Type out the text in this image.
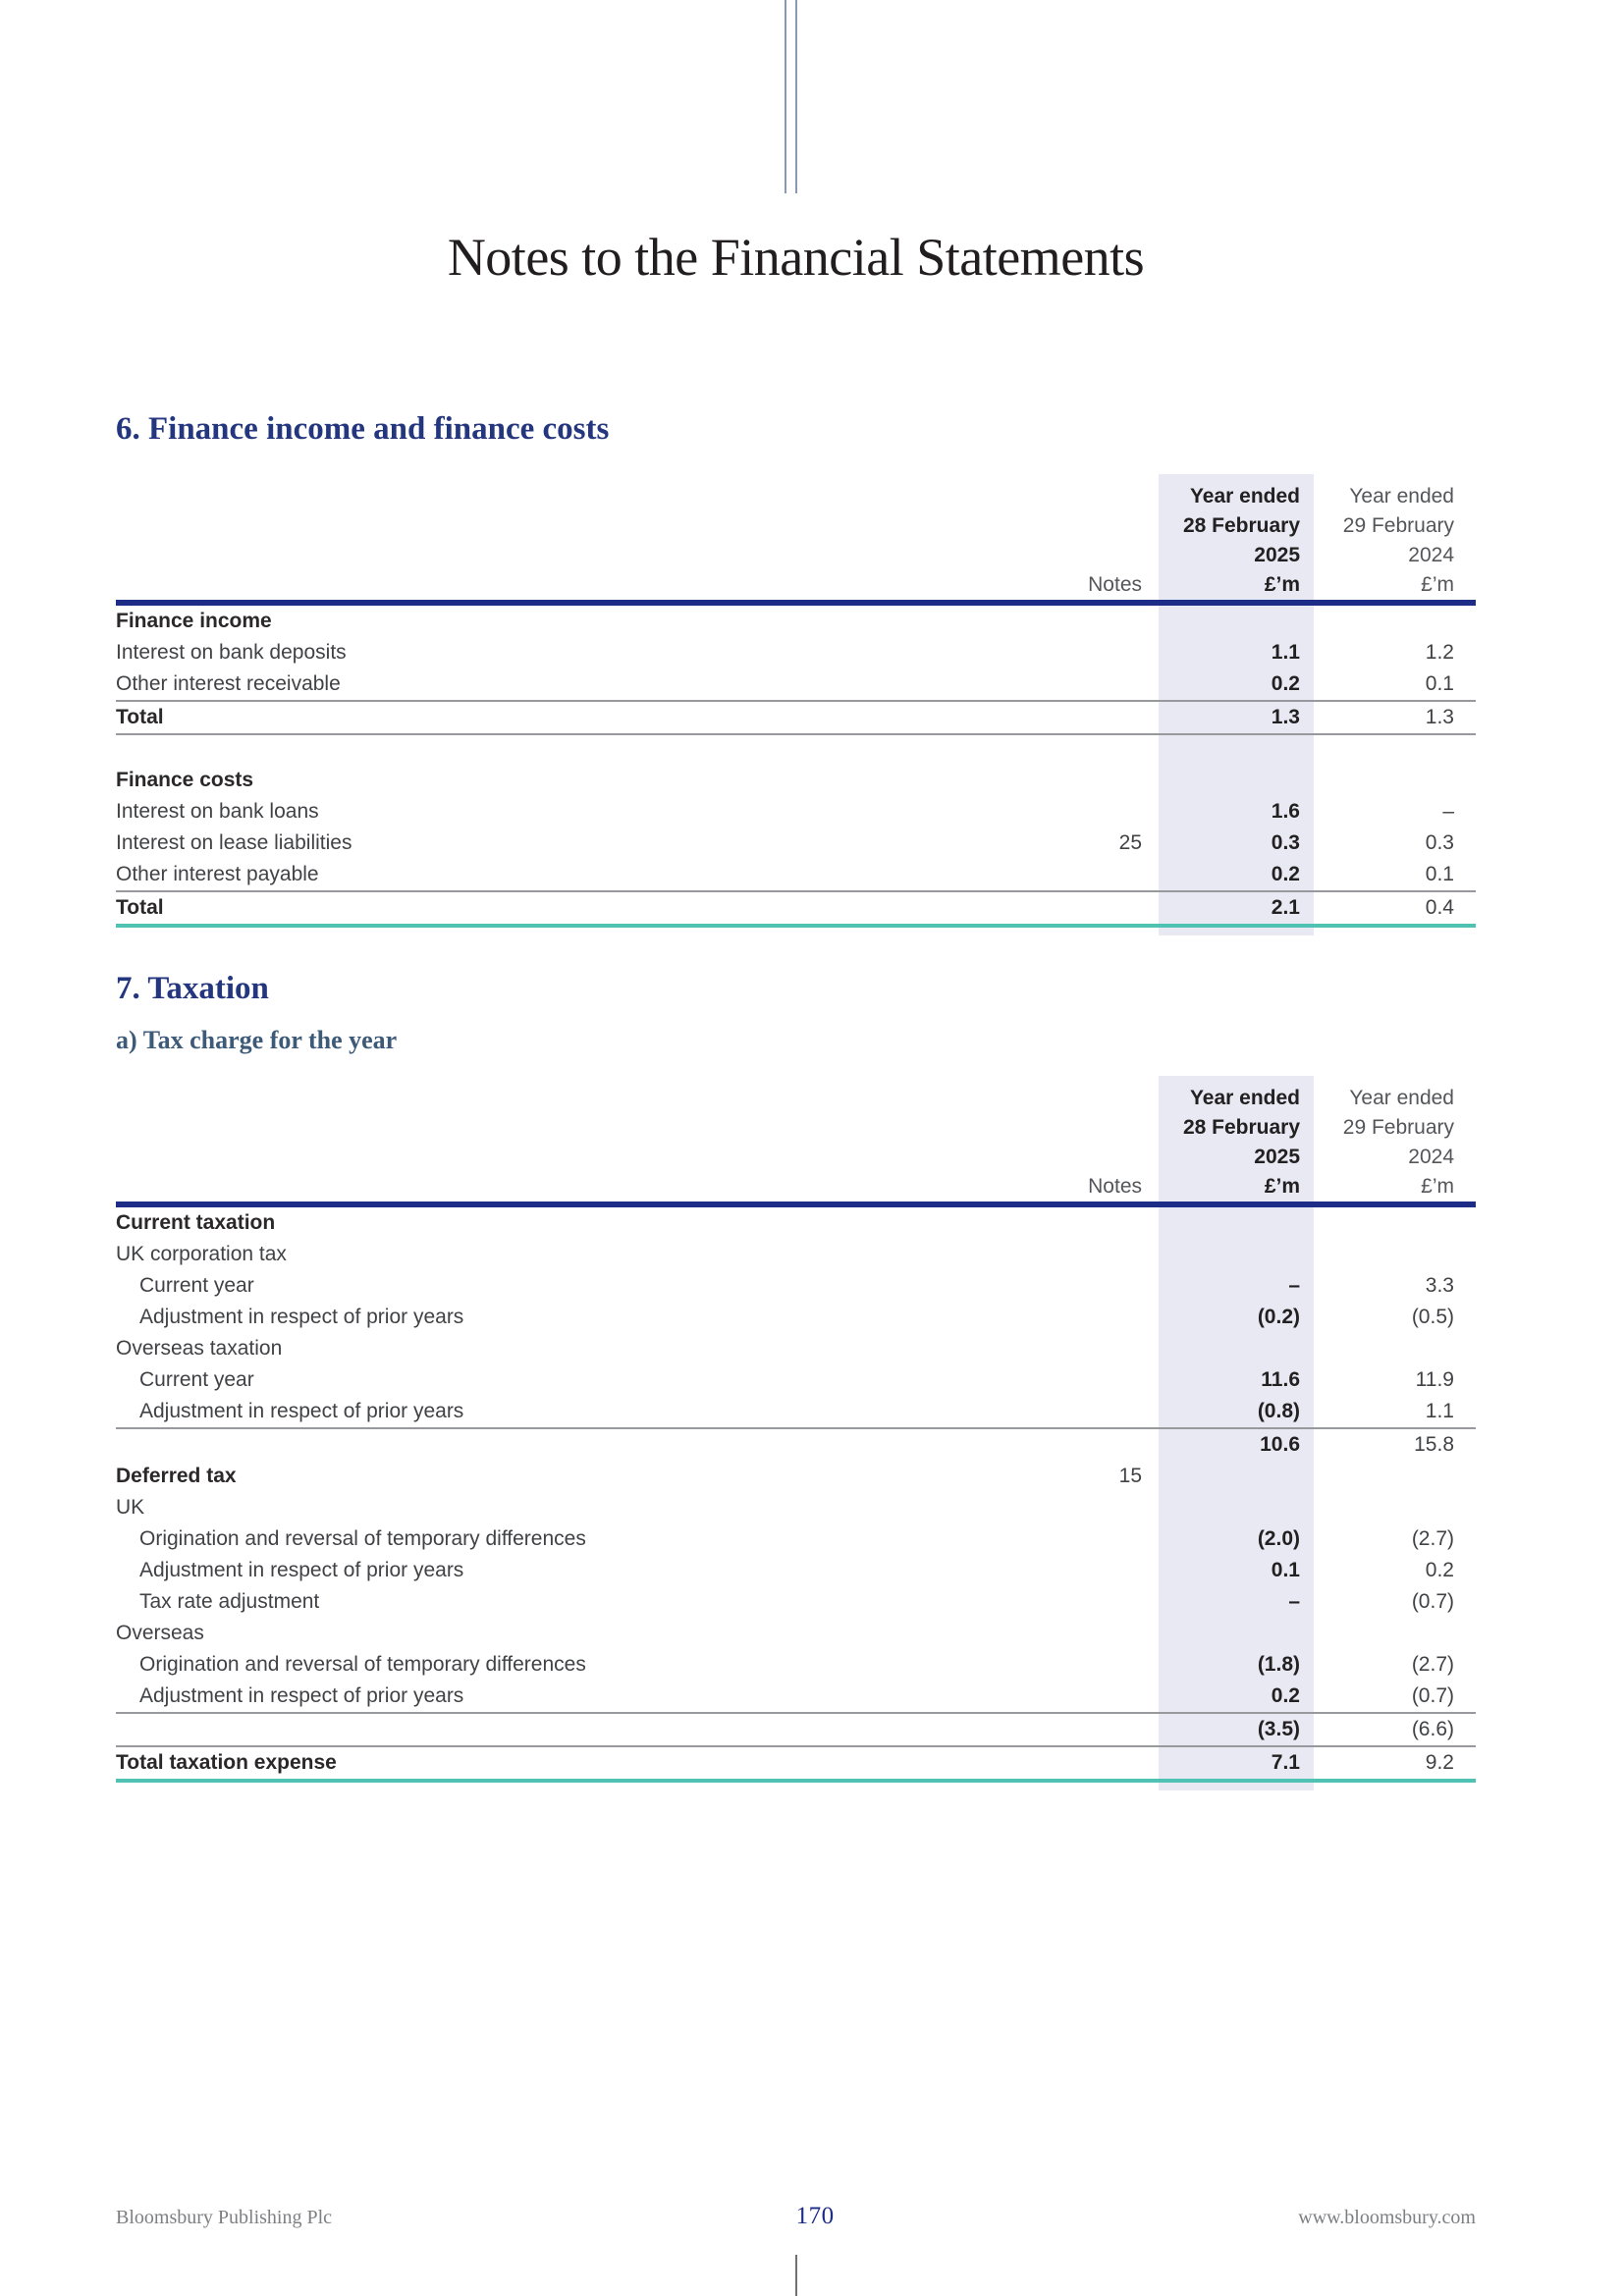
Notes to the Financial Statements
6. Finance income and finance costs
Notes
Year ended
28 February
2025
£’m
Year ended
29 February
2024
£’m
Finance income
Interest on bank deposits	1.1	1.2
Other interest receivable	0.2	0.1
Total	1.3	1.3
Finance costs
Interest on bank loans	1.6	–
Interest on lease liabilities	25	0.3	0.3
Other interest payable	0.2	0.1
Total	2.1	0.4
7. Taxation
a) Tax charge for the year
Notes
Year ended
28 February
2025
£’m
Year ended
29 February
2024
£’m
Current taxation
UK corporation tax
Current year	–	3.3
Adjustment in respect of prior years	(0.2)	(0.5)
Overseas taxation
Current year	11.6	11.9
Adjustment in respect of prior years	(0.8)	1.1
10.6	15.8
Deferred tax	15
UK
Origination and reversal of temporary differences	(2.0)	(2.7)
Adjustment in respect of prior years	0.1	0.2
Tax rate adjustment	–	(0.7)
Overseas
Origination and reversal of temporary differences	(1.8)	(2.7)
Adjustment in respect of prior years	0.2	(0.7)
(3.5)	(6.6)
Total taxation expense	7.1	9.2
Bloomsbury Publishing Plc	170	www.bloomsbury.com
